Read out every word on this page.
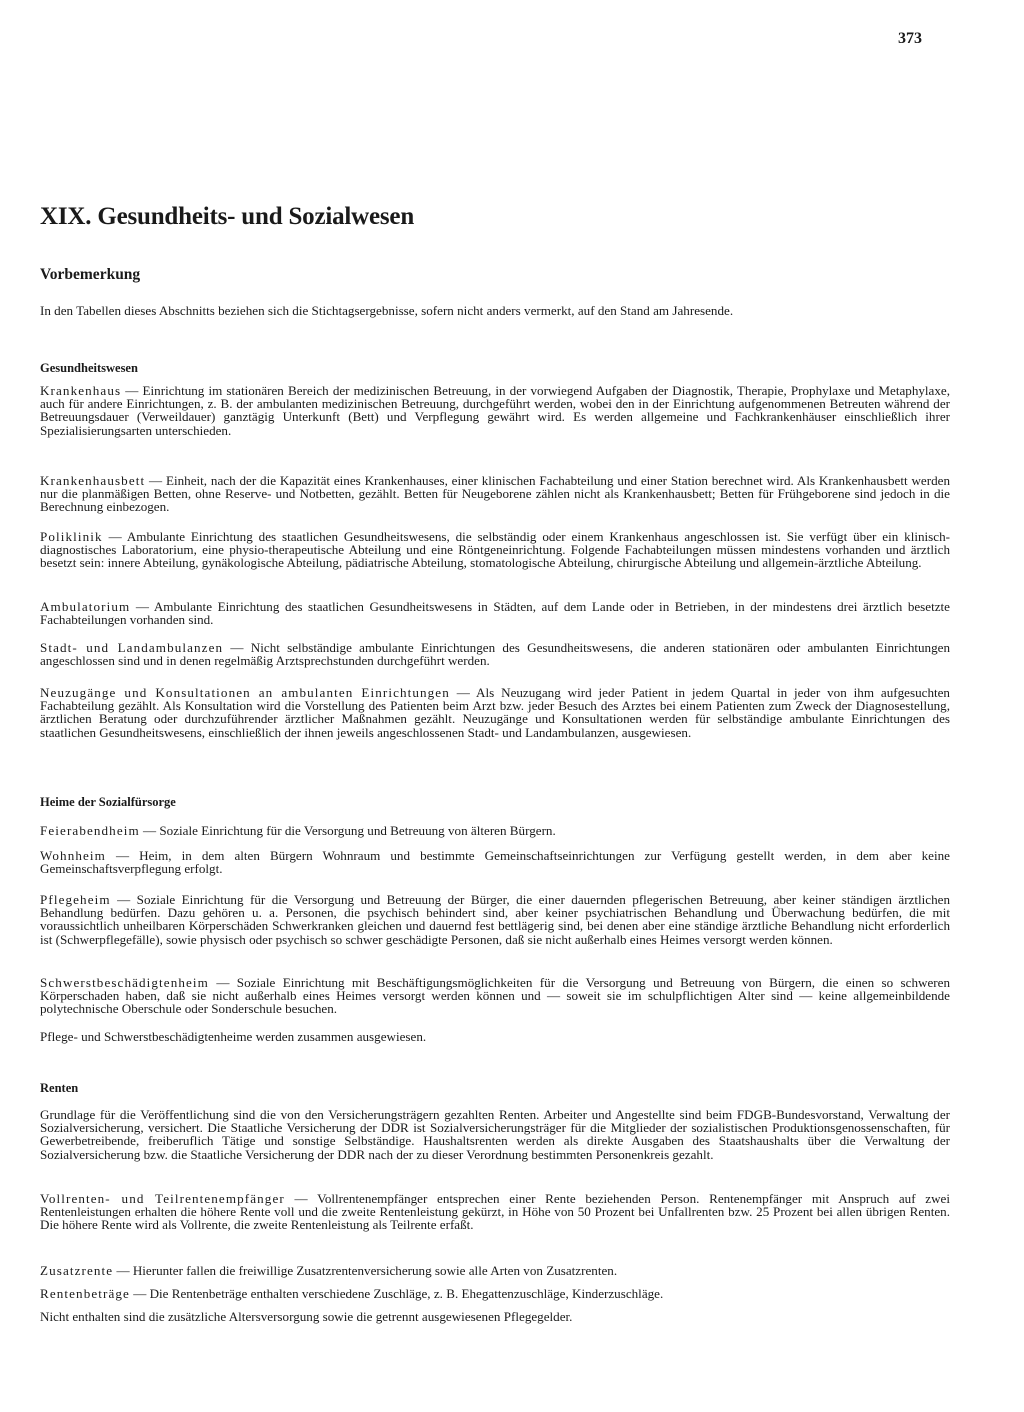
373
XIX. Gesundheits- und Sozialwesen
Vorbemerkung

In den Tabellen dieses Abschnitts beziehen sich die Stichtagsergebnisse, sofern nicht anders vermerkt, auf den Stand am Jahresende.

Gesundheitswesen

Krankenhaus — Einrichtung im stationären Bereich der medizinischen Betreuung, in der vorwiegend Aufgaben der Diagnostik, Therapie, Prophylaxe und Metaphylaxe, auch für andere Einrichtungen, z. B. der ambulanten medizinischen Betreuung, durchgeführt werden, wobei den in der Einrichtung aufgenommenen Betreuten während der Betreuungsdauer (Verweildauer) ganztägig Unterkunft (Bett) und Verpflegung gewährt wird. Es werden allgemeine und Fachkrankenhäuser einschließlich ihrer Spezialisierungsarten unterschieden.

Krankenhausbett — Einheit, nach der die Kapazität eines Krankenhauses, einer klinischen Fachabteilung und einer Station berechnet wird. Als Krankenhausbett werden nur die planmäßigen Betten, ohne Reserve- und Notbetten, gezählt. Betten für Neugeborene zählen nicht als Krankenhausbett; Betten für Frühgeborene sind jedoch in die Berechnung einbezogen.

Poliklinik — Ambulante Einrichtung des staatlichen Gesundheitswesens, die selbständig oder einem Krankenhaus angeschlossen ist. Sie verfügt über ein klinisch-diagnostisches Laboratorium, eine physio-therapeutische Abteilung und eine Röntgeneinrichtung. Folgende Fachabteilungen müssen mindestens vorhanden und ärztlich besetzt sein: innere Abteilung, gynäkologische Abteilung, pädiatrische Abteilung, stomatologische Abteilung, chirurgische Abteilung und allgemein-ärztliche Abteilung.

Ambulatorium — Ambulante Einrichtung des staatlichen Gesundheitswesens in Städten, auf dem Lande oder in Betrieben, in der mindestens drei ärztlich besetzte Fachabteilungen vorhanden sind.

Stadt- und Landambulanzen — Nicht selbständige ambulante Einrichtungen des Gesundheitswesens, die anderen stationären oder ambulanten Einrichtungen angeschlossen sind und in denen regelmäßig Arztsprechstunden durchgeführt werden.

Neuzugänge und Konsultationen an ambulanten Einrichtungen — Als Neuzugang wird jeder Patient in jedem Quartal in jeder von ihm aufgesuchten Fachabteilung gezählt. Als Konsultation wird die Vorstellung des Patienten beim Arzt bzw. jeder Besuch des Arztes bei einem Patienten zum Zweck der Diagnosestellung, ärztlichen Beratung oder durchzuführender ärztlicher Maßnahmen gezählt. Neuzugänge und Konsultationen werden für selbständige ambulante Einrichtungen des staatlichen Gesundheitswesens, einschließlich der ihnen jeweils angeschlossenen Stadt- und Landambulanzen, ausgewiesen.

Heime der Sozialfürsorge

Feierabendheim — Soziale Einrichtung für die Versorgung und Betreuung von älteren Bürgern.

Wohnheim — Heim, in dem alten Bürgern Wohnraum und bestimmte Gemeinschaftseinrichtungen zur Verfügung gestellt werden, in dem aber keine Gemeinschaftsverpflegung erfolgt.

Pflegeheim — Soziale Einrichtung für die Versorgung und Betreuung der Bürger, die einer dauernden pflegerischen Betreuung, aber keiner ständigen ärztlichen Behandlung bedürfen. Dazu gehören u. a. Personen, die psychisch behindert sind, aber keiner psychiatrischen Behandlung und Überwachung bedürfen, die mit voraussichtlich unheilbaren Körperschäden Schwerkranken gleichen und dauernd fest bettlägerig sind, bei denen aber eine ständige ärztliche Behandlung nicht erforderlich ist (Schwerpflegefälle), sowie physisch oder psychisch so schwer geschädigte Personen, daß sie nicht außerhalb eines Heimes versorgt werden können.

Schwerstbeschädigtenheim — Soziale Einrichtung mit Beschäftigungsmöglichkeiten für die Versorgung und Betreuung von Bürgern, die einen so schweren Körperschaden haben, daß sie nicht außerhalb eines Heimes versorgt werden können und — soweit sie im schulpflichtigen Alter sind — keine allgemeinbildende polytechnische Oberschule oder Sonderschule besuchen.

Pflege- und Schwerstbeschädigtenheime werden zusammen ausgewiesen.

Renten

Grundlage für die Veröffentlichung sind die von den Versicherungsträgern gezahlten Renten. Arbeiter und Angestellte sind beim FDGB-Bundesvorstand, Verwaltung der Sozialversicherung, versichert. Die Staatliche Versicherung der DDR ist Sozialversicherungsträger für die Mitglieder der sozialistischen Produktionsgenossenschaften, für Gewerbetreibende, freiberuflich Tätige und sonstige Selbständige. Haushaltsrenten werden als direkte Ausgaben des Staatshaushalts über die Verwaltung der Sozialversicherung bzw. die Staatliche Versicherung der DDR nach der zu dieser Verordnung bestimmten Personenkreis gezahlt.

Vollrenten- und Teilrentenempfänger — Vollrentenempfänger entsprechen einer Rente beziehenden Person. Rentenempfänger mit Anspruch auf zwei Rentenleistungen erhalten die höhere Rente voll und die zweite Rentenleistung gekürzt, in Höhe von 50 Prozent bei Unfallrenten bzw. 25 Prozent bei allen übrigen Renten. Die höhere Rente wird als Vollrente, die zweite Rentenleistung als Teilrente erfaßt.

Zusatzrente — Hierunter fallen die freiwillige Zusatzrentenversicherung sowie alle Arten von Zusatzrenten.

Rentenbeträge — Die Rentenbeträge enthalten verschiedene Zuschläge, z. B. Ehegattenzuschläge, Kinderzuschläge.

Nicht enthalten sind die zusätzliche Altersversorgung sowie die getrennt ausgewiesenen Pflegegelder.
